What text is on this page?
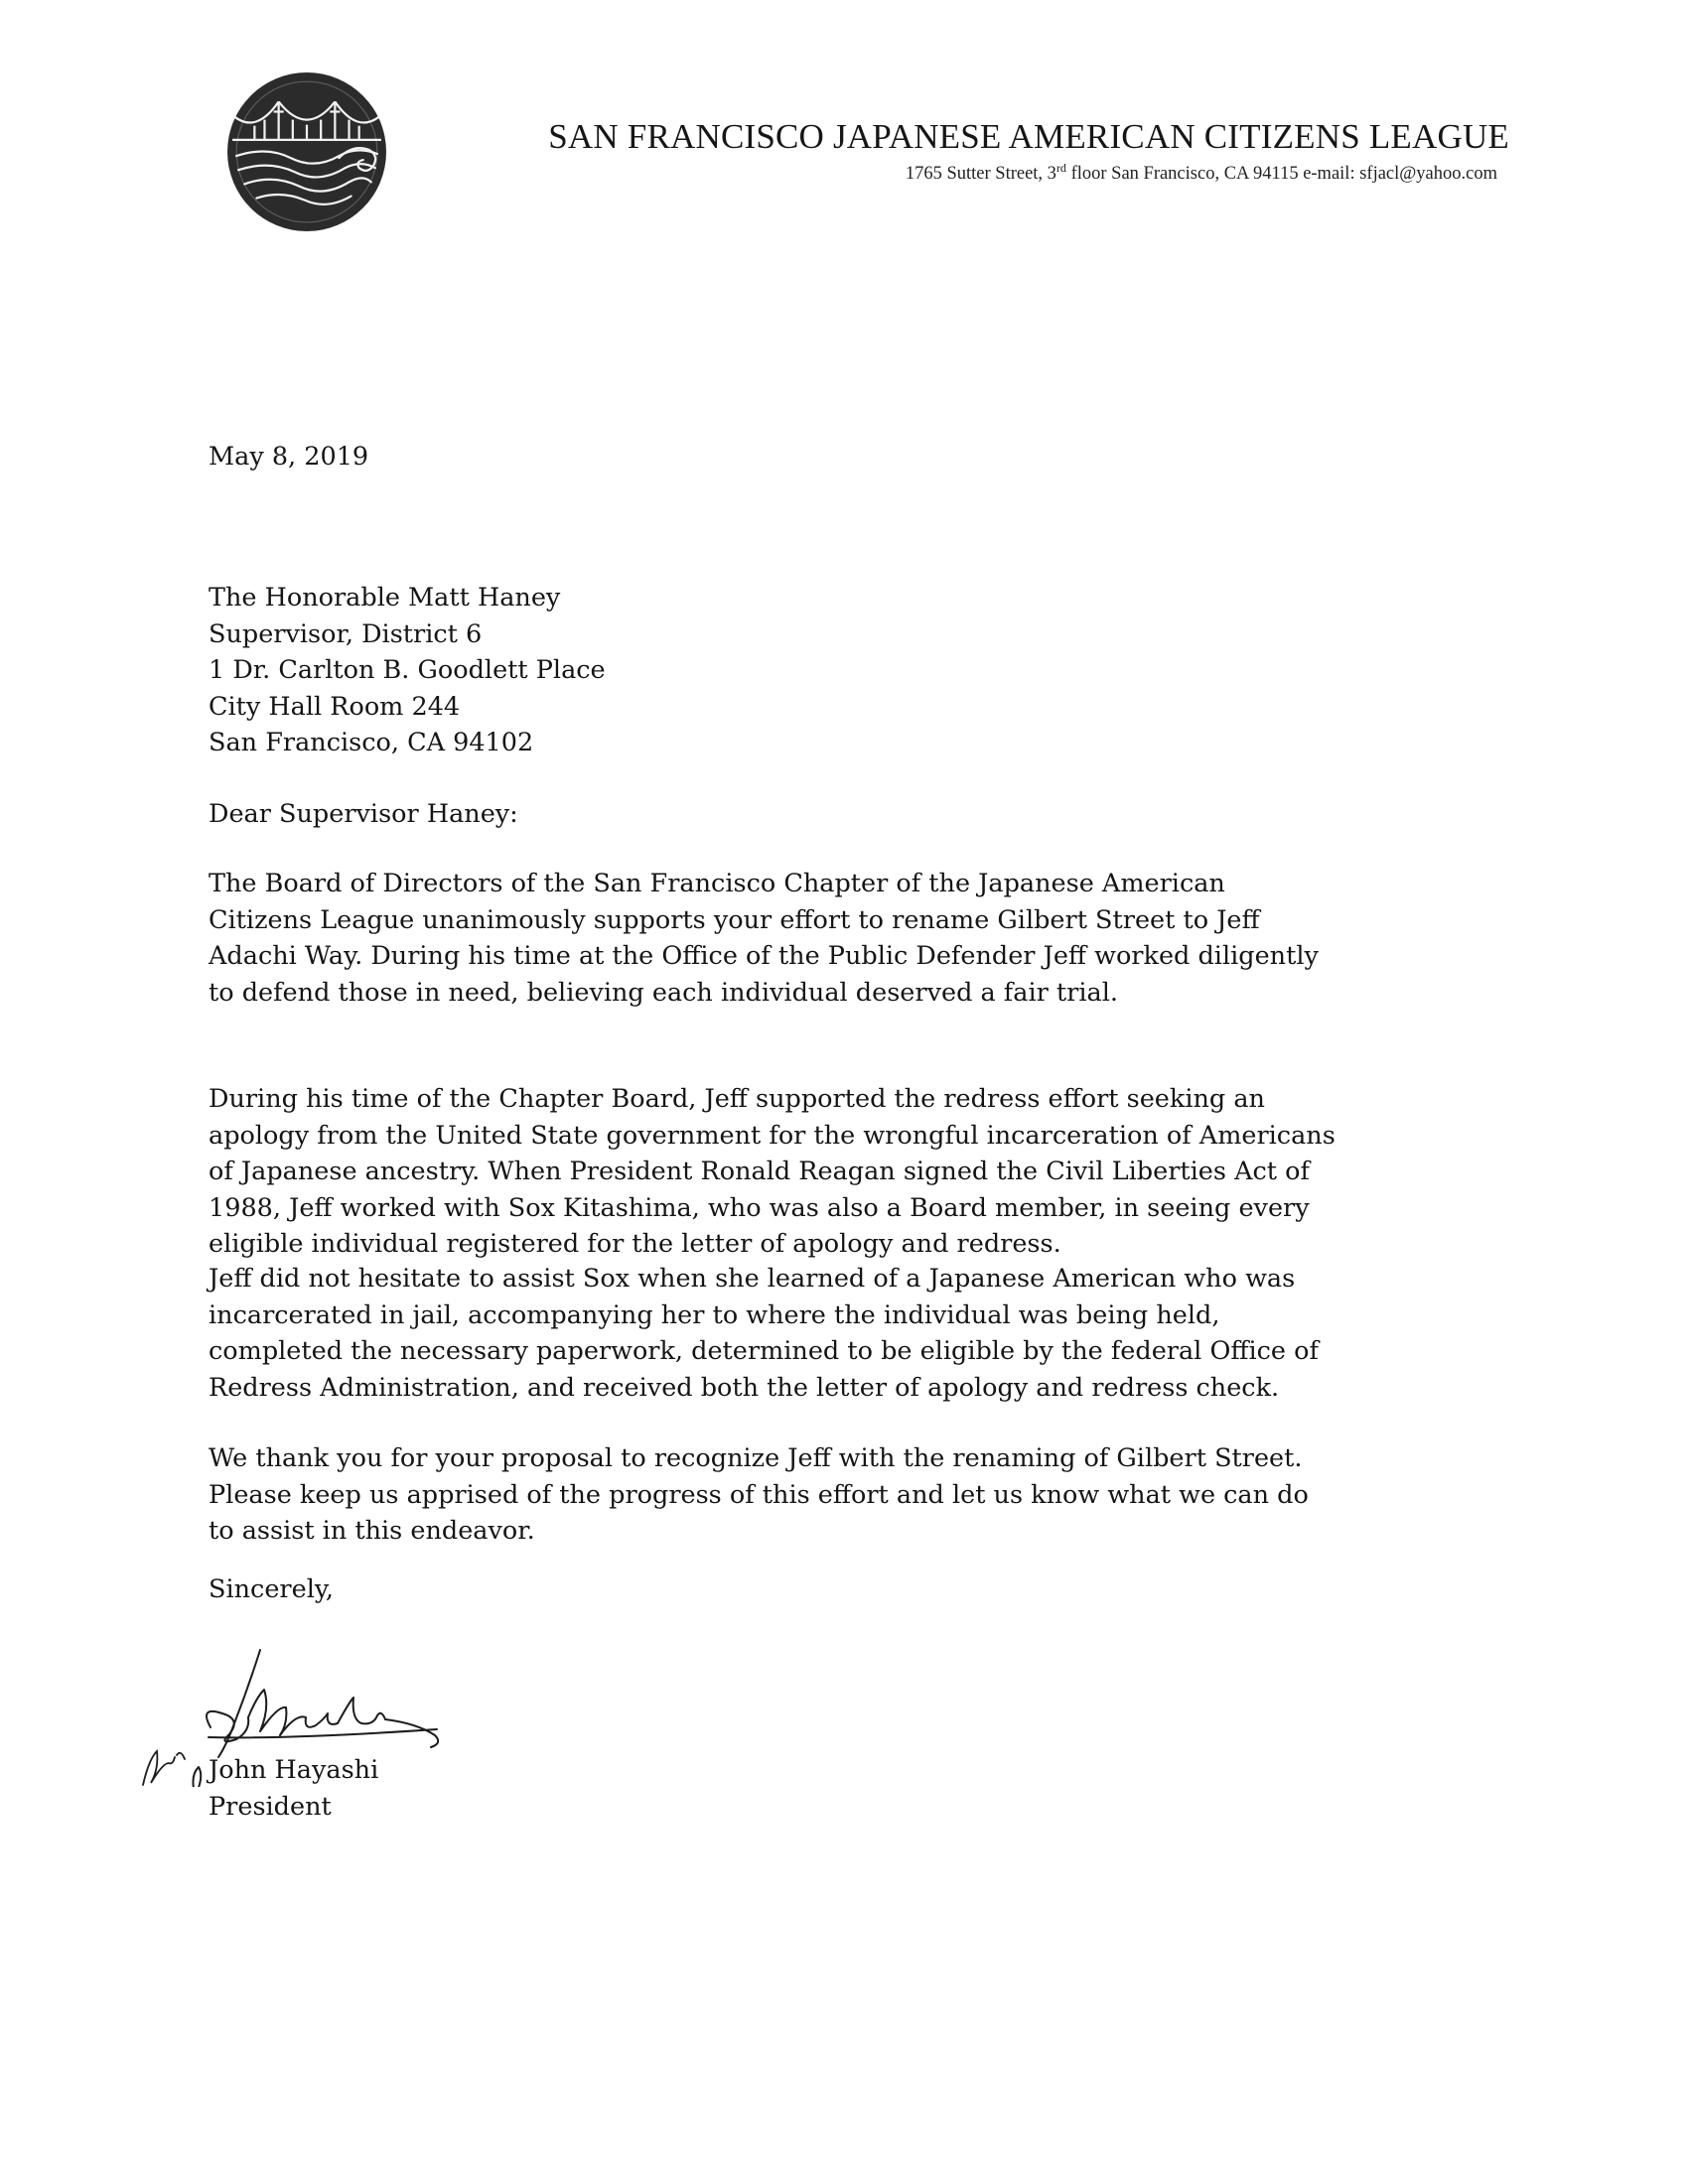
SAN FRANCISCO JAPANESE AMERICAN CITIZENS LEAGUE
1765 Sutter Street, 3rd floor San Francisco, CA 94115 e-mail: sfjacl@yahoo.com
May 8, 2019
The Honorable Matt Haney
Supervisor, District 6
1 Dr. Carlton B. Goodlett Place
City Hall Room 244
San Francisco, CA 94102
Dear Supervisor Haney:
The Board of Directors of the San Francisco Chapter of the Japanese American
Citizens League unanimously supports your effort to rename Gilbert Street to Jeff
Adachi Way. During his time at the Office of the Public Defender Jeff worked diligently
to defend those in need, believing each individual deserved a fair trial.
During his time of the Chapter Board, Jeff supported the redress effort seeking an
apology from the United State government for the wrongful incarceration of Americans
of Japanese ancestry. When President Ronald Reagan signed the Civil Liberties Act of
1988, Jeff worked with Sox Kitashima, who was also a Board member, in seeing every
eligible individual registered for the letter of apology and redress.
Jeff did not hesitate to assist Sox when she learned of a Japanese American who was
incarcerated in jail, accompanying her to where the individual was being held,
completed the necessary paperwork, determined to be eligible by the federal Office of
Redress Administration, and received both the letter of apology and redress check.
We thank you for your proposal to recognize Jeff with the renaming of Gilbert Street.
Please keep us apprised of the progress of this effort and let us know what we can do
to assist in this endeavor.
Sincerely,
John Hayashi
President
